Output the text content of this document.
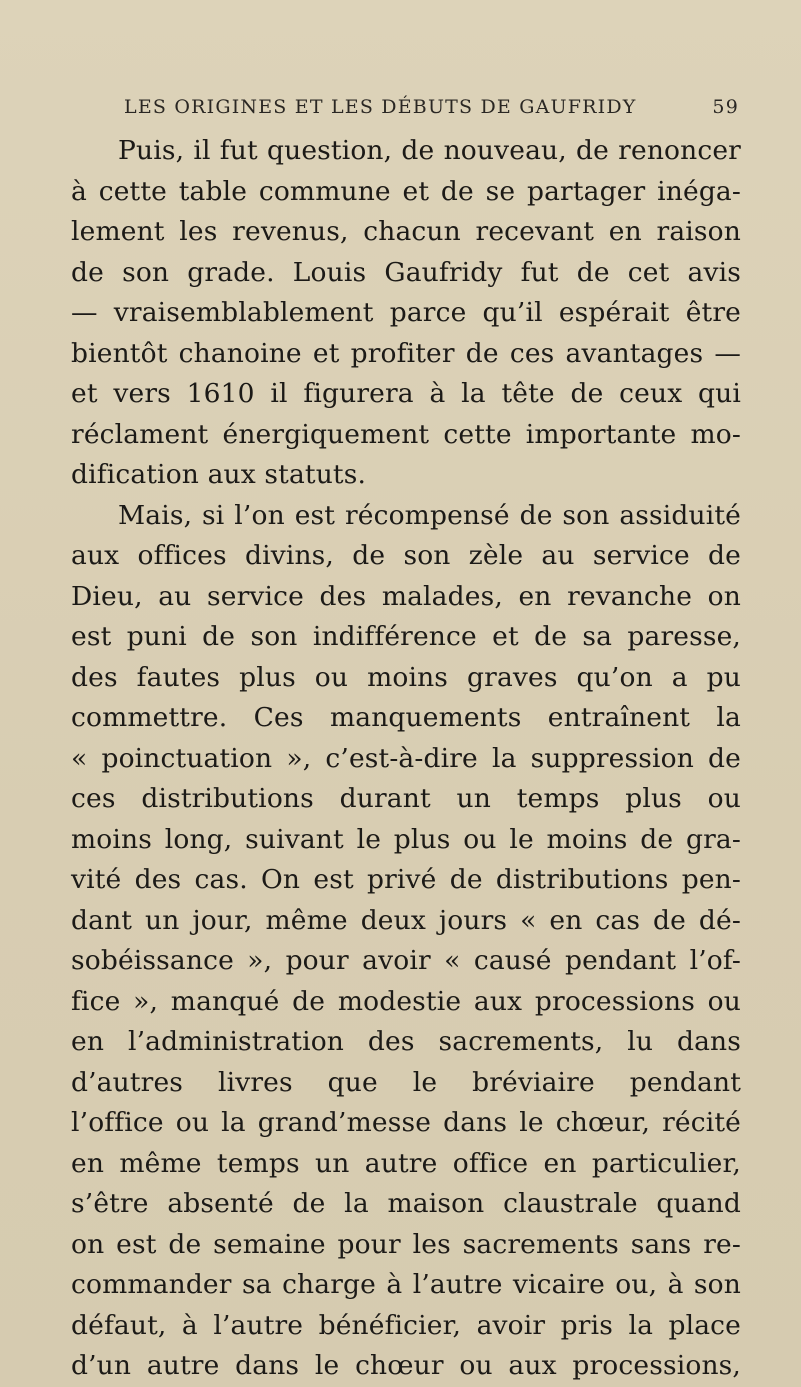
LES ORIGINES ET LES DÉBUTS DE GAUFRIDY	59
Puis, il fut question, de nouveau, de renoncer
à cette table commune et de se partager inéga-
lement les revenus, chacun recevant en raison
de son grade. Louis Gaufridy fut de cet avis
— vraisemblablement parce qu’il espérait être
bientôt chanoine et profiter de ces avantages —
et vers 1610 il figurera à la tête de ceux qui
réclament énergiquement cette importante mo-
dification aux statuts.
Mais, si l’on est récompensé de son assiduité
aux offices divins, de son zèle au service de
Dieu, au service des malades, en revanche on
est puni de son indifférence et de sa paresse,
des fautes plus ou moins graves qu’on a pu
commettre. Ces manquements entraînent la
« poinctuation », c’est-à-dire la suppression de
ces distributions durant un temps plus ou
moins long, suivant le plus ou le moins de gra-
vité des cas. On est privé de distributions pen-
dant un jour, même deux jours « en cas de dé-
sobéissance », pour avoir « causé pendant l’of-
fice », manqué de modestie aux processions ou
en l’administration des sacrements, lu dans
d’autres livres que le bréviaire pendant
l’office ou la grand’messe dans le chœur, récité
en même temps un autre office en particulier,
s’être absenté de la maison claustrale quand
on est de semaine pour les sacrements sans re-
commander sa charge à l’autre vicaire ou, à son
défaut, à l’autre bénéficier, avoir pris la place
d’un autre dans le chœur ou aux processions,
